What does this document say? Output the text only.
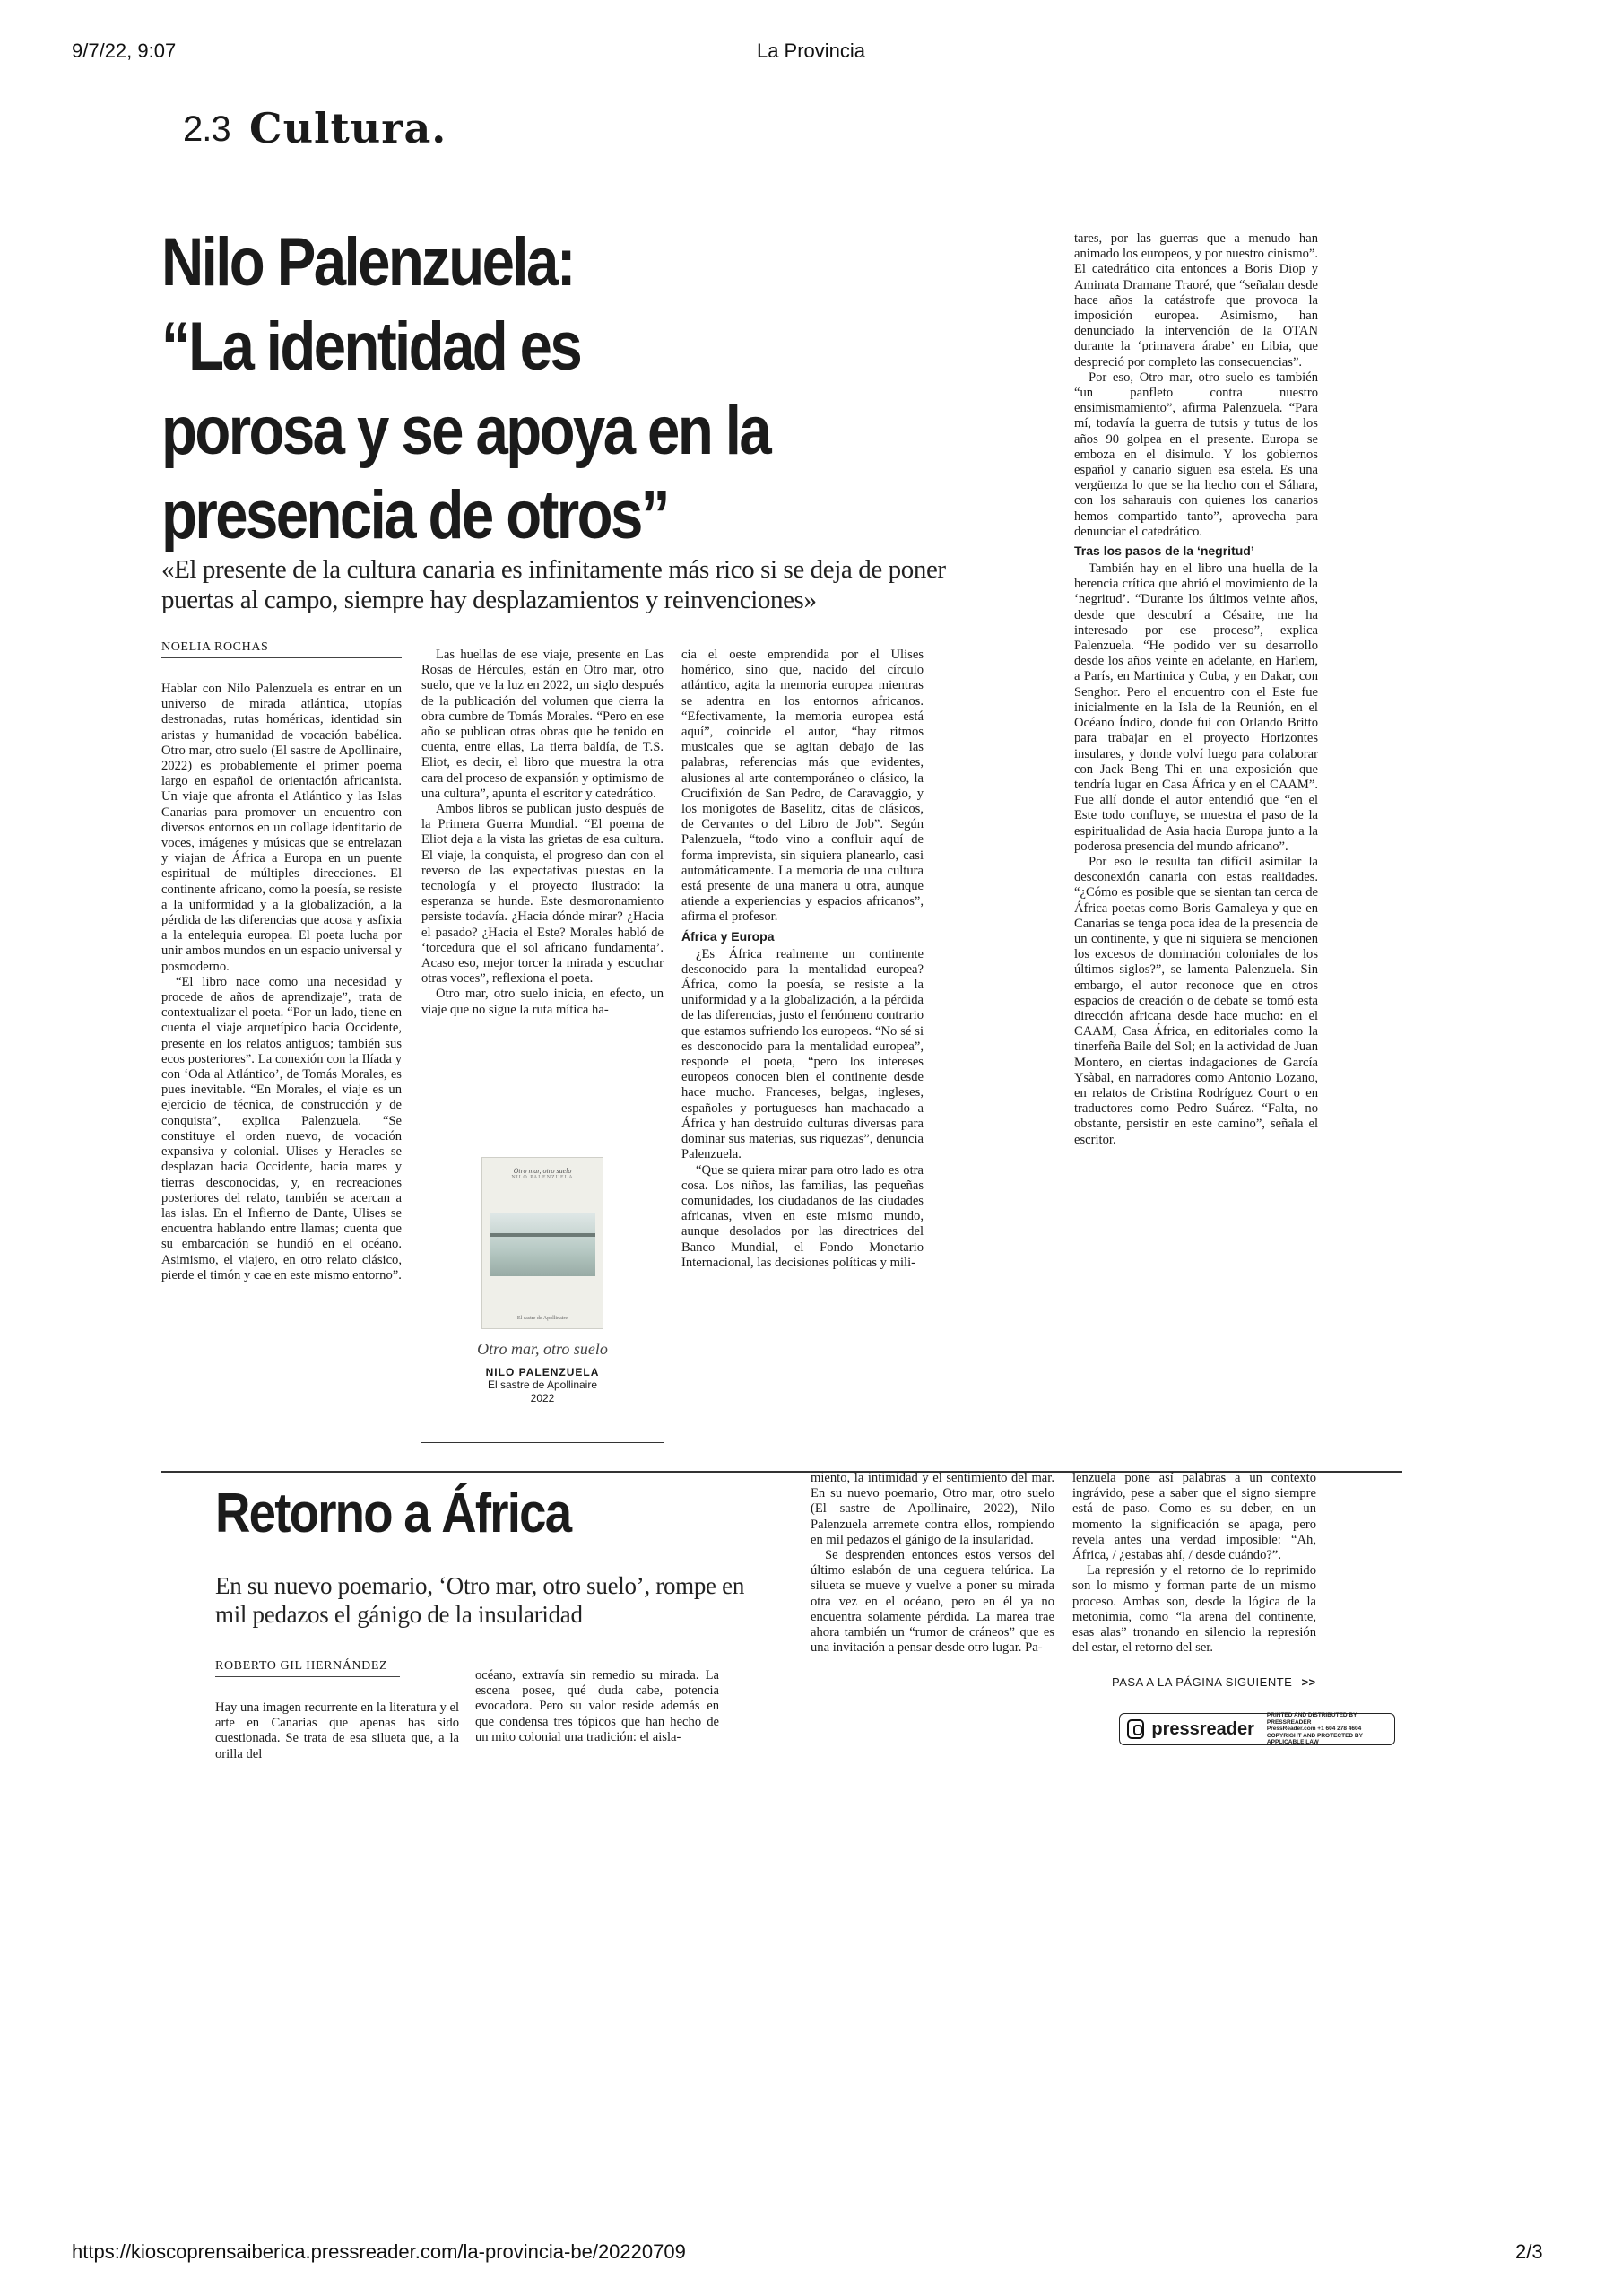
9/7/22, 9:07	La Provincia
2.3 Cultura.
Nilo Palenzuela:
“La identidad es
porosa y se apoya en la
presencia de otros”
«El presente de la cultura canaria es infinitamente más rico si se deja de poner puertas al campo, siempre hay desplazamientos y reinvenciones»
NOELIA ROCHAS

Hablar con Nilo Palenzuela es entrar en un universo de mirada atlántica, utopías destronadas, rutas homéricas, identidad sin aristas y humanidad de vocación babélica. Otro mar, otro suelo (El sastre de Apollinaire, 2022) es probablemente el primer poema largo en español de orientación africanista. Un viaje que afronta el Atlántico y las Islas Canarias para promover un encuentro con diversos entornos en un collage identitario de voces, imágenes y músicas que se entrelazan y viajan de África a Europa en un puente espiritual de múltiples direcciones. El continente africano, como la poesía, se resiste a la uniformidad y a la globalización, a la pérdida de las diferencias que acosa y asfixia a la entelequia europea. El poeta lucha por unir ambos mundos en un espacio universal y posmoderno.

“El libro nace como una necesidad y procede de años de aprendizaje”, trata de contextualizar el poeta. “Por un lado, tiene en cuenta el viaje arquetípico hacia Occidente, presente en los relatos antiguos; también sus ecos posteriores”. La conexión con la Ilíada y con ‘Oda al Atlántico’, de Tomás Morales, es pues inevitable. “En Morales, el viaje es un ejercicio de técnica, de construcción y de conquista”, explica Palenzuela. “Se constituye el orden nuevo, de vocación expansiva y colonial. Ulises y Heracles se desplazan hacia Occidente, hacia mares y tierras desconocidas, y, en recreaciones posteriores del relato, también se acercan a las islas. En el Infierno de Dante, Ulises se encuentra hablando entre llamas; cuenta que su embarcación se hundió en el océano. Asimismo, el viajero, en otro relato clásico, pierde el timón y cae en este mismo entorno”.

Las huellas de ese viaje, presente en Las Rosas de Hércules, están en Otro mar, otro suelo, que ve la luz en 2022, un siglo después de la publicación del volumen que cierra la obra cumbre de Tomás Morales. “Pero en ese año se publican otras obras que he tenido en cuenta, entre ellas, La tierra baldía, de T.S. Eliot, es decir, el libro que muestra la otra cara del proceso de expansión y optimismo de una cultura”, apunta el escritor y catedrático.

Ambos libros se publican justo después de la Primera Guerra Mundial. “El poema de Eliot deja a la vista las grietas de esa cultura. El viaje, la conquista, el progreso dan con el reverso de las expectativas puestas en la tecnología y el proyecto ilustrado: la esperanza se hunde. Este desmoronamiento persiste todavía. ¿Hacia dónde mirar? ¿Hacia el pasado? ¿Hacia el Este? Morales habló de ‘torcedura que el sol africano fundamenta’. Acaso eso, mejor torcer la mirada y escuchar otras voces”, reflexiona el poeta.

Otro mar, otro suelo inicia, en efecto, un viaje que no sigue la ruta mítica ha-

Otro mar, otro suelo
NILO PALENZUELA
El sastre de Apollinaire
Otro mar, otro suelo
NILO PALENZUELA
El sastre de Apollinaire
2022

cia el oeste emprendida por el Ulises homérico, sino que, nacido del círculo atlántico, agita la memoria europea mientras se adentra en los entornos africanos. “Efectivamente, la memoria europea está aquí”, coincide el autor, “hay ritmos musicales que se agitan debajo de las palabras, referencias más que evidentes, alusiones al arte contemporáneo o clásico, la Crucifixión de San Pedro, de Caravaggio, y los monigotes de Baselitz, citas de clásicos, de Cervantes o del Libro de Job”. Según Palenzuela, “todo vino a confluir aquí de forma imprevista, sin siquiera planearlo, casi automáticamente. La memoria de una cultura está presente de una manera u otra, aunque atiende a experiencias y espacios africanos”, afirma el profesor.

África y Europa

¿Es África realmente un continente desconocido para la mentalidad europea? África, como la poesía, se resiste a la uniformidad y a la globalización, a la pérdida de las diferencias, justo el fenómeno contrario que estamos sufriendo los europeos. “No sé si es desconocido para la mentalidad europea”, responde el poeta, “pero los intereses europeos conocen bien el continente desde hace mucho. Franceses, belgas, ingleses, españoles y portugueses han machacado a África y han destruido culturas diversas para dominar sus materias, sus riquezas”, denuncia Palenzuela.

“Que se quiera mirar para otro lado es otra cosa. Los niños, las familias, las pequeñas comunidades, los ciudadanos de las ciudades africanas, viven en este mismo mundo, aunque desolados por las directrices del Banco Mundial, el Fondo Monetario Internacional, las decisiones políticas y mili-

tares, por las guerras que a menudo han animado los europeos, y por nuestro cinismo”. El catedrático cita entonces a Boris Diop y Aminata Dramane Traoré, que “señalan desde hace años la catástrofe que provoca la imposición europea. Asimismo, han denunciado la intervención de la OTAN durante la ‘primavera árabe’ en Libia, que despreció por completo las consecuencias”.

Por eso, Otro mar, otro suelo es también “un panfleto contra nuestro ensimismamiento”, afirma Palenzuela. “Para mí, todavía la guerra de tutsis y tutus de los años 90 golpea en el presente. Europa se emboza en el disimulo. Y los gobiernos español y canario siguen esa estela. Es una vergüenza lo que se ha hecho con el Sáhara, con los saharauis con quienes los canarios hemos compartido tanto”, aprovecha para denunciar el catedrático.

Tras los pasos de la ‘negritud’

También hay en el libro una huella de la herencia crítica que abrió el movimiento de la ‘negritud’. “Durante los últimos veinte años, desde que descubrí a Césaire, me ha interesado por ese proceso”, explica Palenzuela. “He podido ver su desarrollo desde los años veinte en adelante, en Harlem, a París, en Martinica y Cuba, y en Dakar, con Senghor. Pero el encuentro con el Este fue inicialmente en la Isla de la Reunión, en el Océano Índico, donde fui con Orlando Britto para trabajar en el proyecto Horizontes insulares, y donde volví luego para colaborar con Jack Beng Thi en una exposición que tendría lugar en Casa África y en el CAAM”. Fue allí donde el autor entendió que “en el Este todo confluye, se muestra el paso de la espiritualidad de Asia hacia Europa junto a la poderosa presencia del mundo africano”.

Por eso le resulta tan difícil asimilar la desconexión canaria con estas realidades. “¿Cómo es posible que se sientan tan cerca de África poetas como Boris Gamaleya y que en Canarias se tenga poca idea de la presencia de un continente, y que ni siquiera se mencionen los excesos de dominación coloniales de los últimos siglos?”, se lamenta Palenzuela. Sin embargo, el autor reconoce que en otros espacios de creación o de debate se tomó esta dirección africana desde hace mucho: en el CAAM, Casa África, en editoriales como la tinerfeña Baile del Sol; en la actividad de Juan Montero, en ciertas indagaciones de García Ysàbal, en narradores como Antonio Lozano, en relatos de Cristina Rodríguez Court o en traductores como Pedro Suárez. “Falta, no obstante, persistir en este camino”, señala el escritor.

Retorno a África
En su nuevo poemario, ‘Otro mar, otro suelo’, rompe en mil pedazos el gánigo de la insularidad
ROBERTO GIL HERNÁNDEZ

Hay una imagen recurrente en la literatura y el arte en Canarias que apenas has sido cuestionada. Se trata de esa silueta que, a la orilla del

océano, extravía sin remedio su mirada. La escena posee, qué duda cabe, potencia evocadora. Pero su valor reside además en que condensa tres tópicos que han hecho de un mito colonial una tradición: el aisla-

miento, la intimidad y el sentimiento del mar. En su nuevo poemario, Otro mar, otro suelo (El sastre de Apollinaire, 2022), Nilo Palenzuela arremete contra ellos, rompiendo en mil pedazos el gánigo de la insularidad.

Se desprenden entonces estos versos del último eslabón de una ceguera telúrica. La silueta se mueve y vuelve a poner su mirada otra vez en el océano, pero en él ya no encuentra solamente pérdida. La marea trae ahora también un “rumor de cráneos” que es una invitación a pensar desde otro lugar. Pa-

lenzuela pone así palabras a un contexto ingrávido, pese a saber que el signo siempre está de paso. Como es su deber, en un momento la significación se apaga, pero revela antes una verdad imposible: “Ah, África, / ¿estabas ahí, / desde cuándo?”.

La represión y el retorno de lo reprimido son lo mismo y forman parte de un mismo proceso. Ambas son, desde la lógica de la metonimia, como “la arena del continente, esas alas” tronando en silencio la represión del estar, el retorno del ser.

PASA A LA PÁGINA SIGUIENTE >>
pressreader
PRINTED AND DISTRIBUTED BY PRESSREADER
PressReader.com +1 604 278 4604
COPYRIGHT AND PROTECTED BY APPLICABLE LAW
https://kioscoprensaiberica.pressreader.com/la-provincia-be/20220709	2/3
